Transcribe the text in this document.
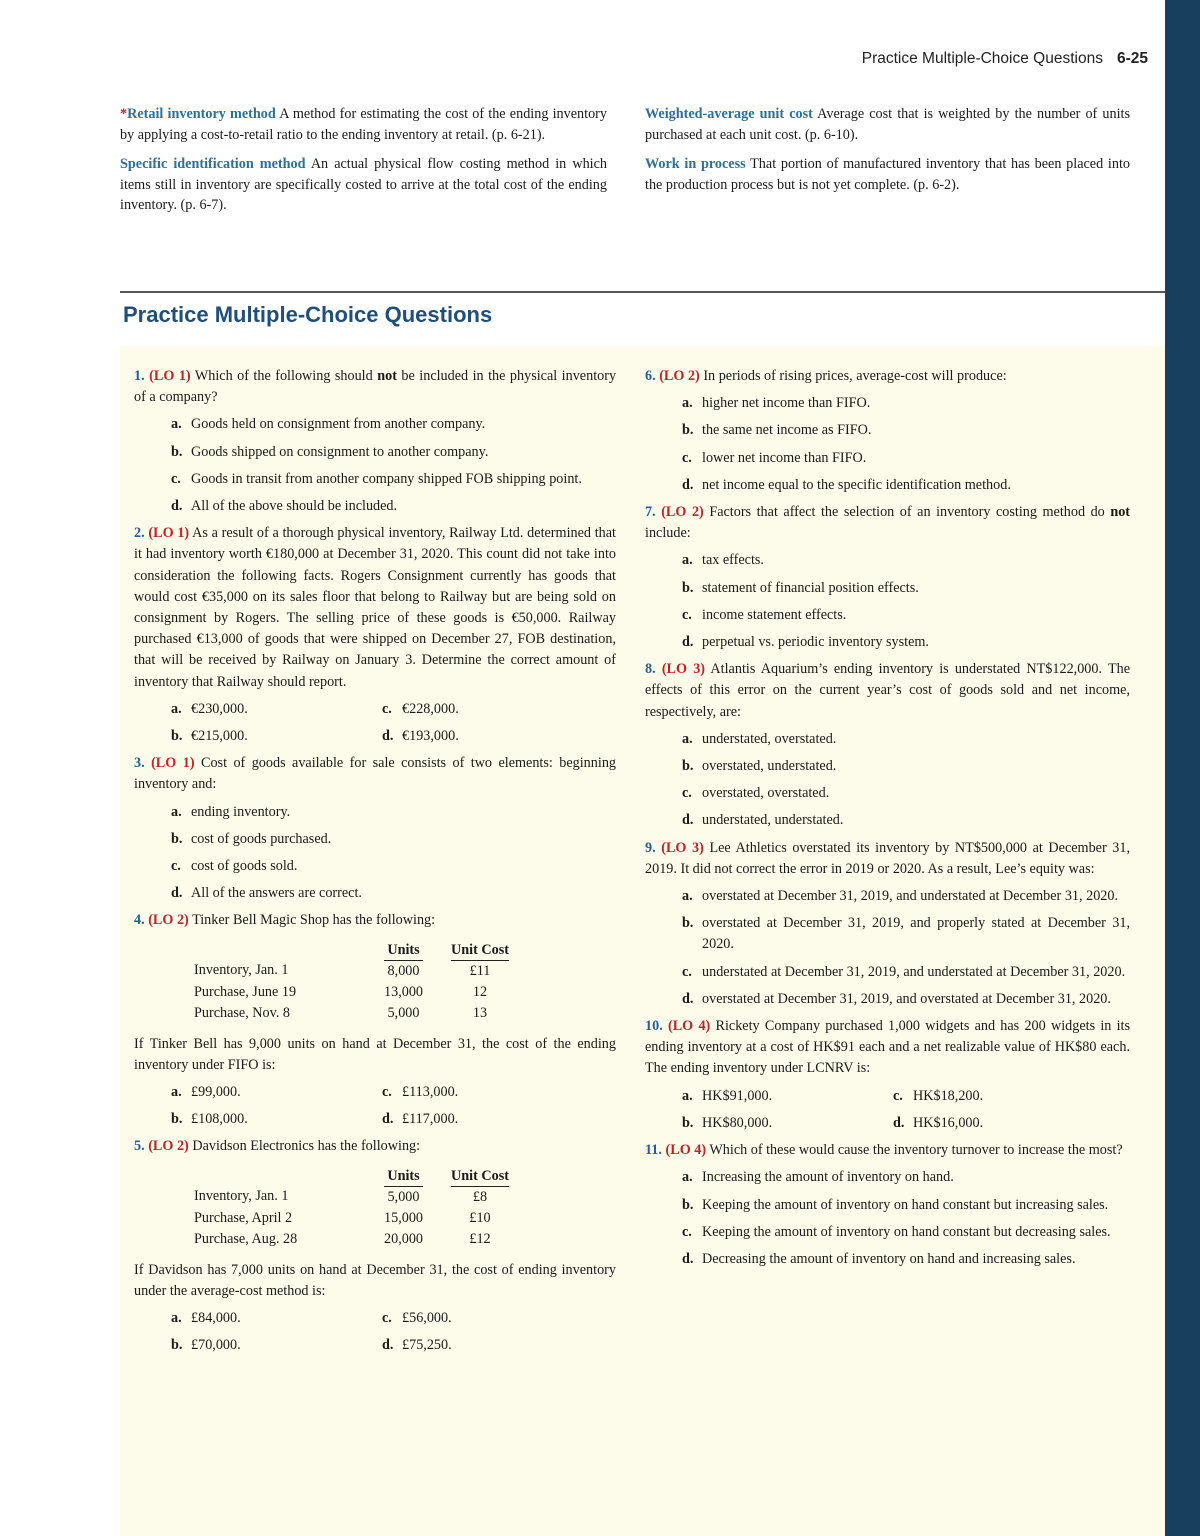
Practice Multiple-Choice Questions 6-25

*Retail inventory method A method for estimating the cost of the ending inventory by applying a cost-to-retail ratio to the ending inventory at retail. (p. 6-21).

Specific identification method An actual physical flow costing method in which items still in inventory are specifically costed to arrive at the total cost of the ending inventory. (p. 6-7).

Weighted-average unit cost Average cost that is weighted by the number of units purchased at each unit cost. (p. 6-10).

Work in process That portion of manufactured inventory that has been placed into the production process but is not yet complete. (p. 6-2).

Practice Multiple-Choice Questions
1. (LO 1) Which of the following should not be included in the physical inventory of a company?
a. Goods held on consignment from another company.
b. Goods shipped on consignment to another company.
c. Goods in transit from another company shipped FOB shipping point.
d. All of the above should be included.
2. (LO 1) As a result of a thorough physical inventory, Railway Ltd. determined that it had inventory worth €180,000 at December 31, 2020. This count did not take into consideration the following facts. Rogers Consignment currently has goods that would cost €35,000 on its sales floor that belong to Railway but are being sold on consignment by Rogers. The selling price of these goods is €50,000. Railway purchased €13,000 of goods that were shipped on December 27, FOB destination, that will be received by Railway on January 3. Determine the correct amount of inventory that Railway should report.
a. €230,000.	c. €228,000.
b. €215,000.	d. €193,000.
3. (LO 1) Cost of goods available for sale consists of two elements: beginning inventory and:
a. ending inventory.
b. cost of goods purchased.
c. cost of goods sold.
d. All of the answers are correct.
4. (LO 2) Tinker Bell Magic Shop has the following:
	Units		Unit Cost
Inventory, Jan. 1	8,000		£11
Purchase, June 19	13,000		12
Purchase, Nov. 8	5,000		13
If Tinker Bell has 9,000 units on hand at December 31, the cost of the ending inventory under FIFO is:
a. £99,000.	c. £113,000.
b. £108,000.	d. £117,000.
5. (LO 2) Davidson Electronics has the following:
	Units		Unit Cost
Inventory, Jan. 1	5,000		£8
Purchase, April 2	15,000		£10
Purchase, Aug. 28	20,000		£12
If Davidson has 7,000 units on hand at December 31, the cost of ending inventory under the average-cost method is:
a. £84,000.	c. £56,000.
b. £70,000.	d. £75,250.
6. (LO 2) In periods of rising prices, average-cost will produce:
a. higher net income than FIFO.
b. the same net income as FIFO.
c. lower net income than FIFO.
d. net income equal to the specific identification method.
7. (LO 2) Factors that affect the selection of an inventory costing method do not include:
a. tax effects.
b. statement of financial position effects.
c. income statement effects.
d. perpetual vs. periodic inventory system.
8. (LO 3) Atlantis Aquarium’s ending inventory is understated NT$122,000. The effects of this error on the current year’s cost of goods sold and net income, respectively, are:
a. understated, overstated.
b. overstated, understated.
c. overstated, overstated.
d. understated, understated.
9. (LO 3) Lee Athletics overstated its inventory by NT$500,000 at December 31, 2019. It did not correct the error in 2019 or 2020. As a result, Lee’s equity was:
a. overstated at December 31, 2019, and understated at December 31, 2020.
b. overstated at December 31, 2019, and properly stated at December 31, 2020.
c. understated at December 31, 2019, and understated at December 31, 2020.
d. overstated at December 31, 2019, and overstated at December 31, 2020.
10. (LO 4) Rickety Company purchased 1,000 widgets and has 200 widgets in its ending inventory at a cost of HK$91 each and a net realizable value of HK$80 each. The ending inventory under LCNRV is:
a. HK$91,000.	c. HK$18,200.
b. HK$80,000.	d. HK$16,000.
11. (LO 4) Which of these would cause the inventory turnover to increase the most?
a. Increasing the amount of inventory on hand.
b. Keeping the amount of inventory on hand constant but increasing sales.
c. Keeping the amount of inventory on hand constant but decreasing sales.
d. Decreasing the amount of inventory on hand and increasing sales.
